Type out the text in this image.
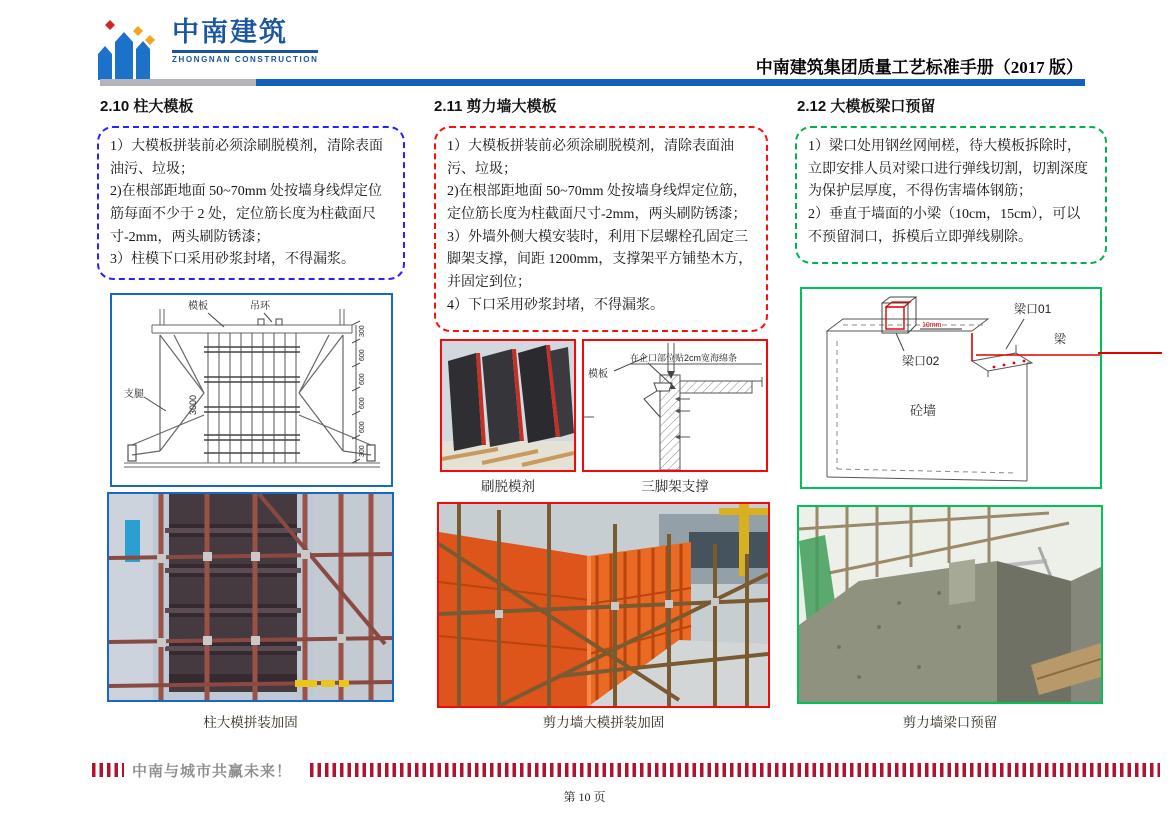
中南建筑
ZHONGNAN CONSTRUCTION	中南建筑集团质量工艺标准手册（2017 版）
2.10 柱大模板	2.11 剪力墙大模板	2.12 大模板梁口预留
1）大模板拼装前必须涂刷脱模剂，清除表面油污、垃圾；
2)在根部距地面 50~70mm 处按墙身线焊定位筋每面不少于 2 处，定位筋长度为柱截面尺寸-2mm，两头刷防锈漆；
3）柱模下口采用砂浆封堵，不得漏浆。
1）大模板拼装前必须涂刷脱模剂，清除表面油污、垃圾；
2)在根部距地面 50~70mm 处按墙身线焊定位筋，定位筋长度为柱截面尺寸-2mm，两头刷防锈漆；
3）外墙外侧大模安装时，利用下层螺栓孔固定三脚架支撑，间距 1200mm，支撑架平方铺垫木方，并固定到位；
4）下口采用砂浆封堵，不得漏浆。
1）梁口处用钢丝网闸槎，待大模板拆除时，立即安排人员对梁口进行弹线切割，切割深度为保护层厚度，不得伤害墙体钢筋；
2）垂直于墙面的小梁（10cm，15cm），可以不预留洞口，拆模后立即弹线剔除。
模板	吊环
支腿
3000
300
600
600
600
600
300
柱大模拼装加固
模板
在企口部位贴2cm宽海绵条
刷脱模剂	三脚架支撑
剪力墙大模拼装加固
10mm
梁口02
梁口01
砼墙
梁
剪力墙梁口预留
中南与城市共赢未来！
第 10 页
